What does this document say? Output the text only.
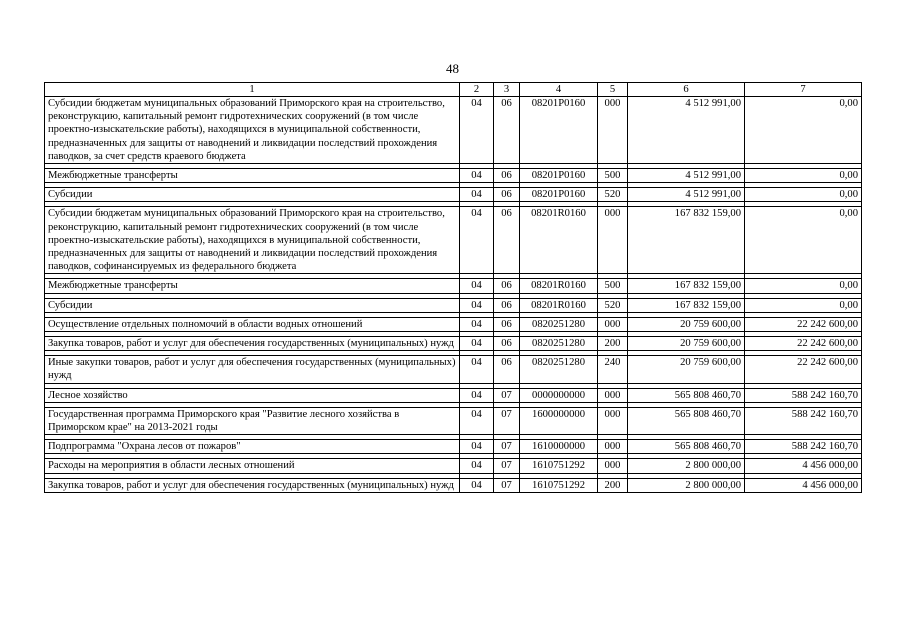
48
1	2	3	4	5	6	7
Субсидии бюджетам муниципальных образований Приморского края на строительство, реконструкцию, капитальный ремонт гидротехнических сооружений (в том числе проектно-изыскательские работы), находящихся в муниципальной собственности, предназначенных для защиты от наводнений и ликвидации последствий прохождения паводков, за счет средств краевого бюджета	04	06	08201P0160	000	4 512 991,00	0,00

Межбюджетные трансферты	04	06	08201P0160	500	4 512 991,00	0,00

Субсидии	04	06	08201P0160	520	4 512 991,00	0,00

Субсидии бюджетам муниципальных образований Приморского края на строительство, реконструкцию, капитальный ремонт гидротехнических сооружений (в том числе проектно-изыскательские работы), находящихся в муниципальной собственности, предназначенных для защиты от наводнений и ликвидации последствий прохождения паводков, софинансируемых из федерального бюджета	04	06	08201R0160	000	167 832 159,00	0,00

Межбюджетные трансферты	04	06	08201R0160	500	167 832 159,00	0,00

Субсидии	04	06	08201R0160	520	167 832 159,00	0,00

Осуществление отдельных полномочий в области водных отношений	04	06	0820251280	000	20 759 600,00	22 242 600,00

Закупка товаров, работ и услуг для обеспечения государственных (муниципальных) нужд	04	06	0820251280	200	20 759 600,00	22 242 600,00

Иные закупки товаров, работ и услуг для обеспечения государственных (муниципальных) нужд	04	06	0820251280	240	20 759 600,00	22 242 600,00

Лесное хозяйство	04	07	0000000000	000	565 808 460,70	588 242 160,70

Государственная программа Приморского края "Развитие лесного хозяйства в Приморском крае" на 2013-2021 годы	04	07	1600000000	000	565 808 460,70	588 242 160,70

Подпрограмма "Охрана лесов от пожаров"	04	07	1610000000	000	565 808 460,70	588 242 160,70

Расходы на мероприятия в области лесных отношений	04	07	1610751292	000	2 800 000,00	4 456 000,00

Закупка товаров, работ и услуг для обеспечения государственных (муниципальных) нужд	04	07	1610751292	200	2 800 000,00	4 456 000,00
